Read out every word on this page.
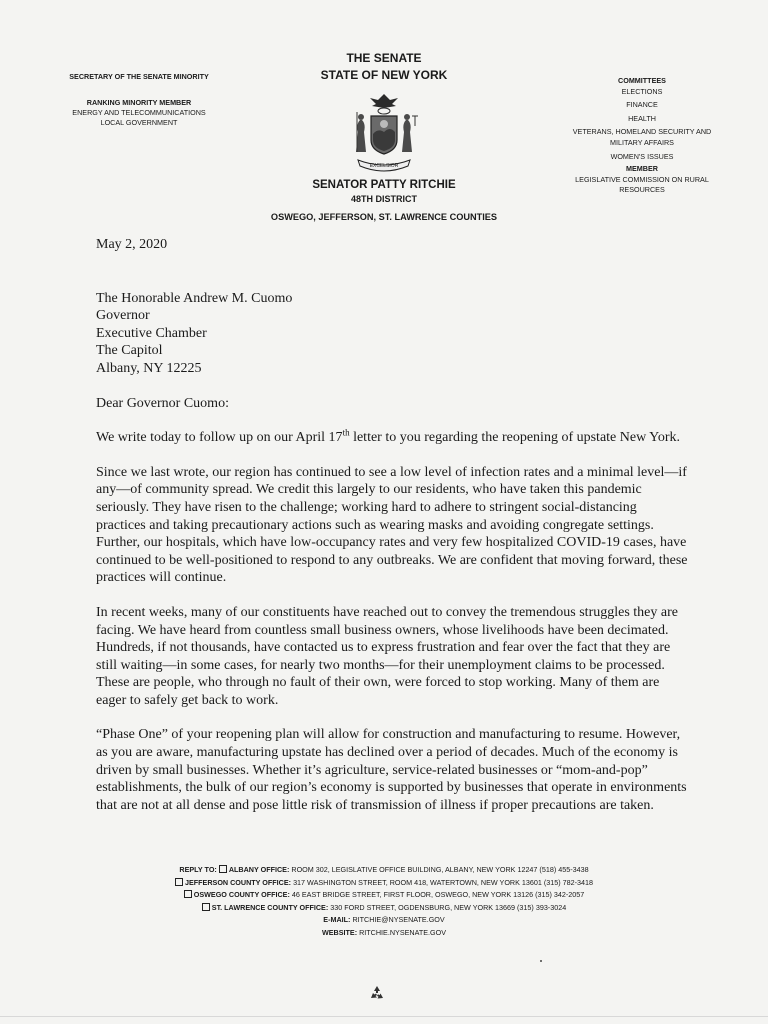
SECRETARY OF THE SENATE MINORITY
RANKING MINORITY MEMBER
ENERGY AND TELECOMMUNICATIONS
LOCAL GOVERNMENT
THE SENATE
STATE OF NEW YORK
EXCELSIOR
SENATOR PATTY RITCHIE
48TH DISTRICT
OSWEGO, JEFFERSON, ST. LAWRENCE COUNTIES
COMMITTEES
ELECTIONS
FINANCE
HEALTH
VETERANS, HOMELAND SECURITY AND
MILITARY AFFAIRS
WOMEN'S ISSUES
MEMBER
LEGISLATIVE COMMISSION ON RURAL
RESOURCES

May 2, 2020

The Honorable Andrew M. Cuomo
Governor
Executive Chamber
The Capitol
Albany, NY 12225

Dear Governor Cuomo:

We write today to follow up on our April 17th letter to you regarding the reopening of upstate New York.

Since we last wrote, our region has continued to see a low level of infection rates and a minimal level—if any—of community spread. We credit this largely to our residents, who have taken this pandemic seriously. They have risen to the challenge; working hard to adhere to stringent social-distancing practices and taking precautionary actions such as wearing masks and avoiding congregate settings. Further, our hospitals, which have low-occupancy rates and very few hospitalized COVID-19 cases, have continued to be well-positioned to respond to any outbreaks. We are confident that moving forward, these practices will continue.

In recent weeks, many of our constituents have reached out to convey the tremendous struggles they are facing. We have heard from countless small business owners, whose livelihoods have been decimated. Hundreds, if not thousands, have contacted us to express frustration and fear over the fact that they are still waiting—in some cases, for nearly two months—for their unemployment claims to be processed. These are people, who through no fault of their own, were forced to stop working. Many of them are eager to safely get back to work.

“Phase One” of your reopening plan will allow for construction and manufacturing to resume. However, as you are aware, manufacturing upstate has declined over a period of decades. Much of the economy is driven by small businesses. Whether it’s agriculture, service-related businesses or “mom-and-pop” establishments, the bulk of our region’s economy is supported by businesses that operate in environments that are not at all dense and pose little risk of transmission of illness if proper precautions are taken.

REPLY TO: ALBANY OFFICE: ROOM 302, LEGISLATIVE OFFICE BUILDING, ALBANY, NEW YORK 12247 (518) 455-3438
JEFFERSON COUNTY OFFICE: 317 WASHINGTON STREET, ROOM 418, WATERTOWN, NEW YORK 13601 (315) 782-3418
OSWEGO COUNTY OFFICE: 46 EAST BRIDGE STREET, FIRST FLOOR, OSWEGO, NEW YORK 13126 (315) 342-2057
ST. LAWRENCE COUNTY OFFICE: 330 FORD STREET, OGDENSBURG, NEW YORK 13669 (315) 393-3024
E-MAIL: RITCHIE@NYSENATE.GOV
WEBSITE: RITCHIE.NYSENATE.GOV
